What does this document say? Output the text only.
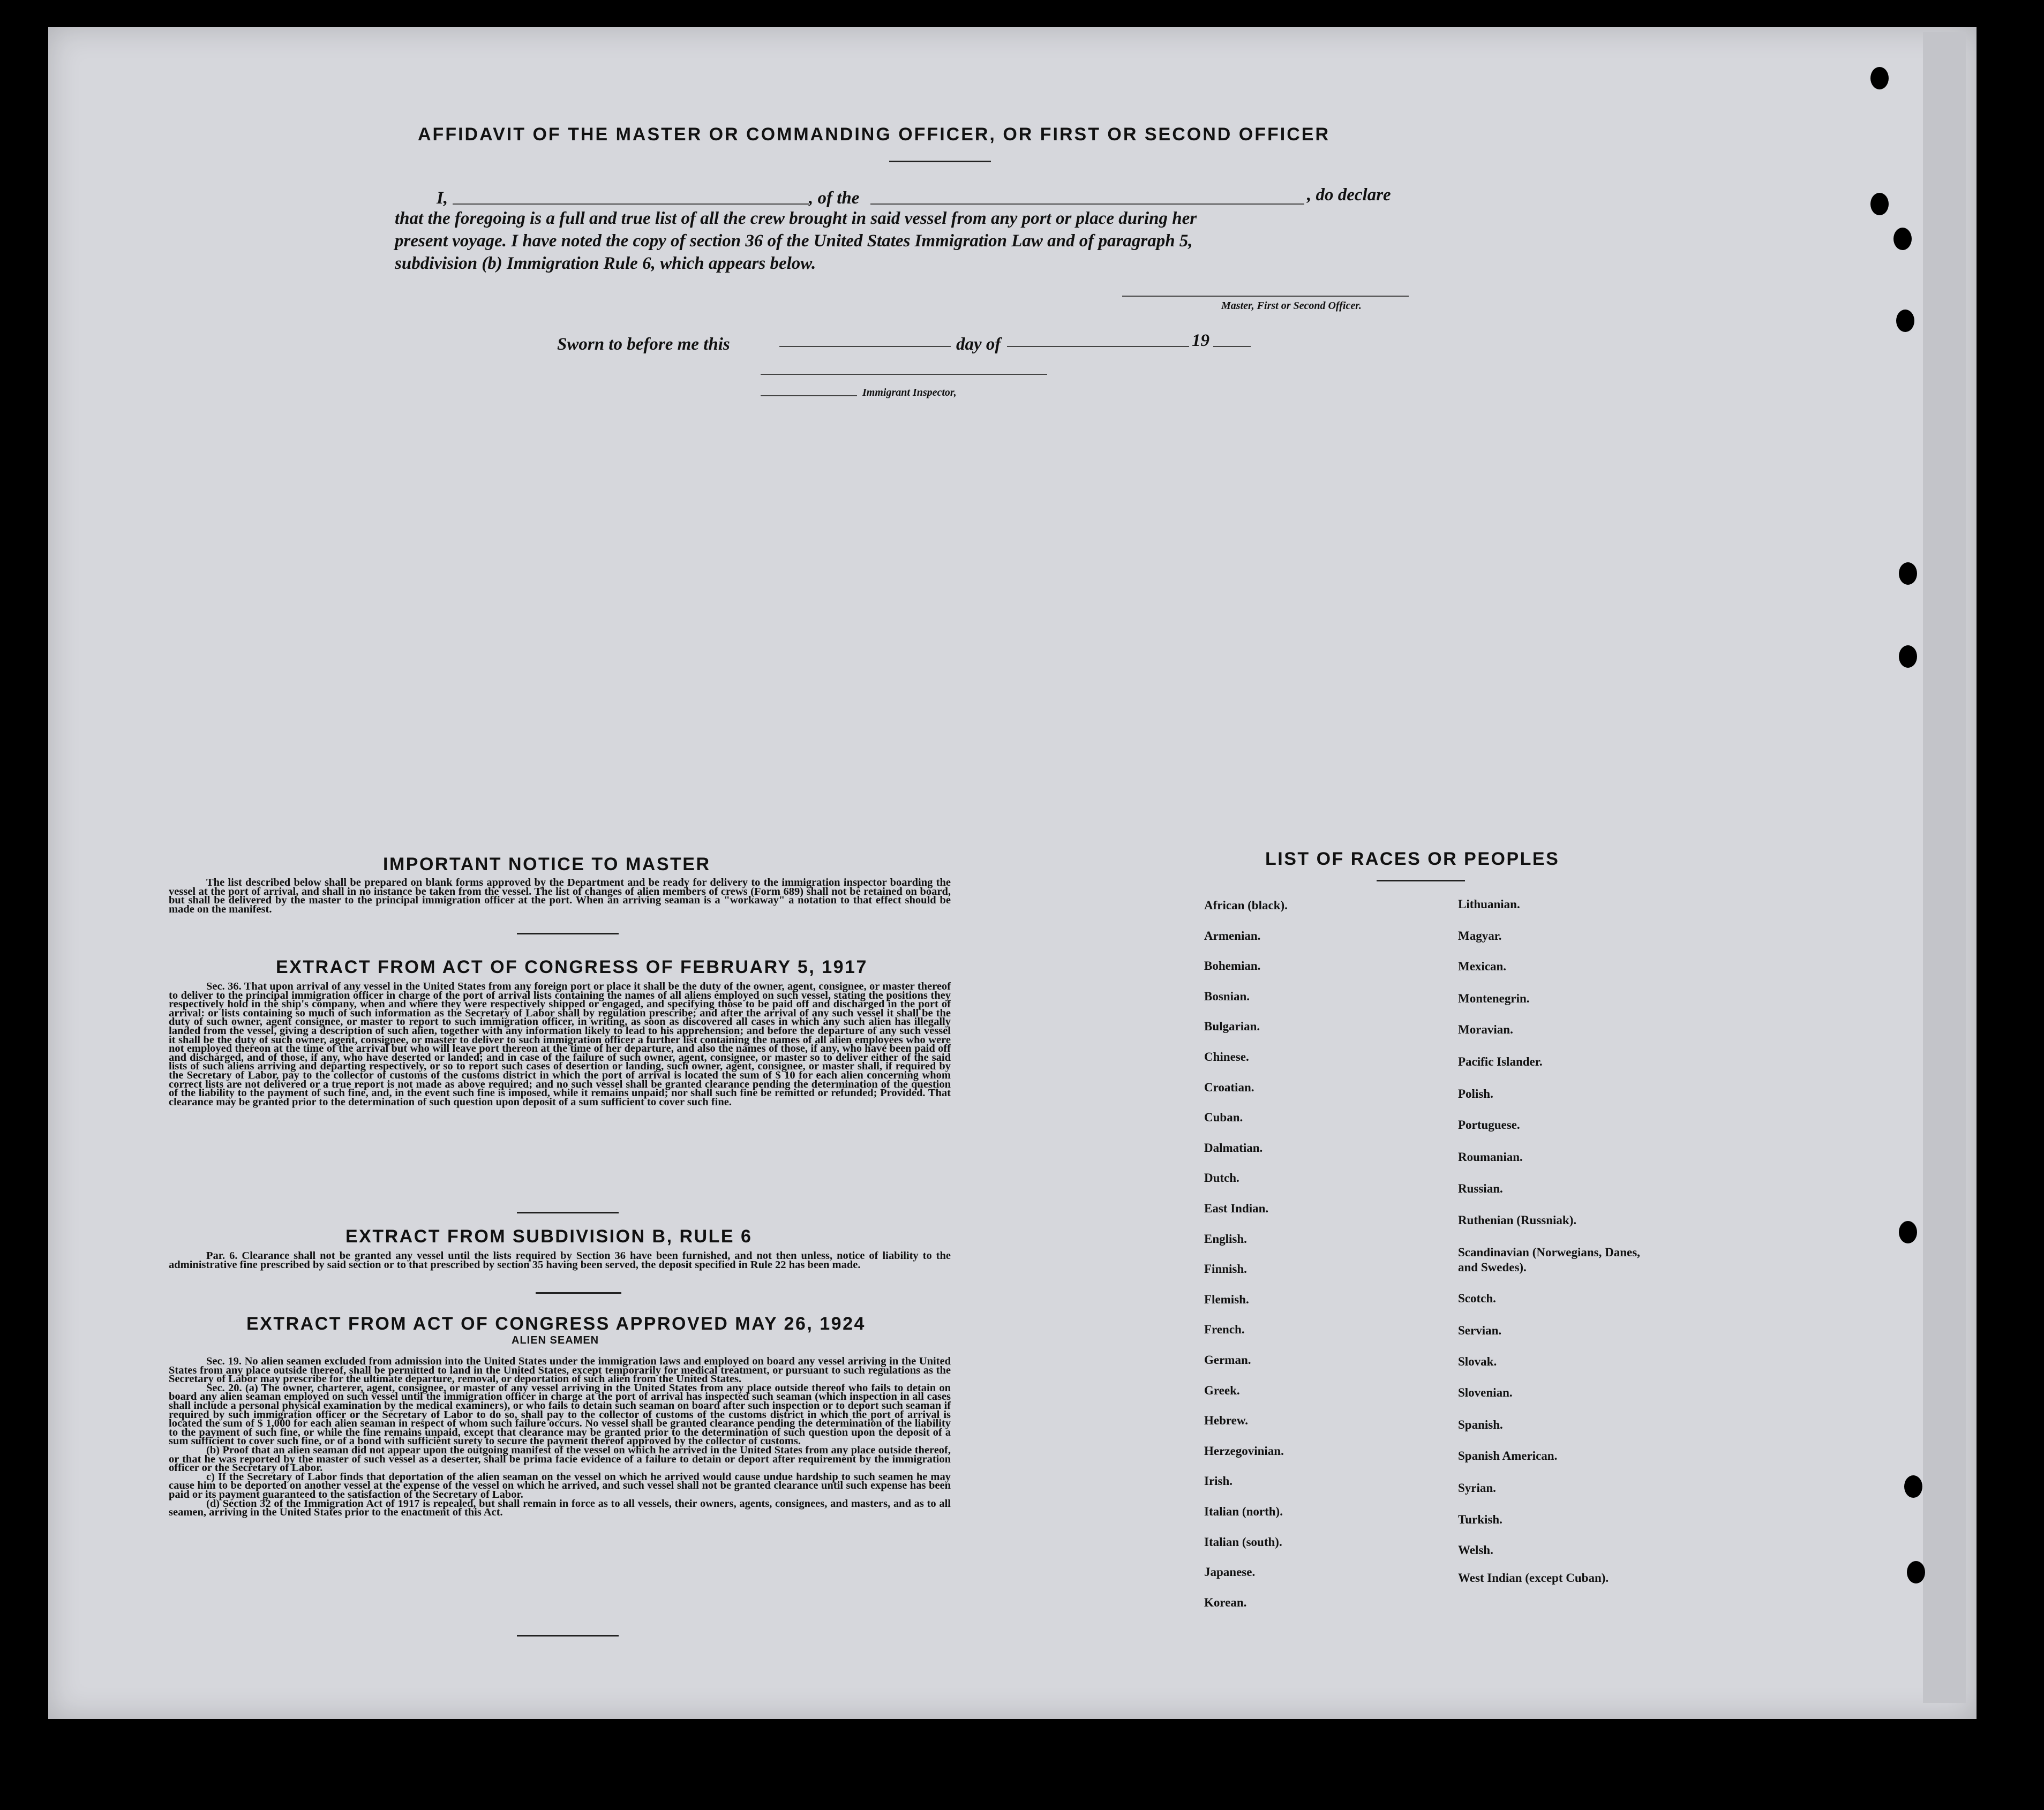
AFFIDAVIT OF THE MASTER OR COMMANDING OFFICER, OR FIRST OR SECOND OFFICER
I,	, of the	, do declare
that the foregoing is a full and true list of all the crew brought in said vessel from any port or place during her
present voyage. I have noted the copy of section 36 of the United States Immigration Law and of paragraph 5,
subdivision (b) Immigration Rule 6, which appears below.
Master, First or Second Officer.
Sworn to before me this	day of	19
Immigrant Inspector,
IMPORTANT NOTICE TO MASTER

The list described below shall be prepared on blank forms approved by the Department and be ready for delivery to the immigration inspector boarding the vessel at the port of arrival, and shall in no instance be taken from the vessel. The list of changes of alien members of crews (Form 689) shall not be retained on board, but shall be delivered by the master to the principal immigration officer at the port. When an arriving seaman is a "workaway" a notation to that effect should be made on the manifest.

EXTRACT FROM ACT OF CONGRESS OF FEBRUARY 5, 1917

Sec. 36. That upon arrival of any vessel in the United States from any foreign port or place it shall be the duty of the owner, agent, consignee, or master thereof to deliver to the principal immigration officer in charge of the port of arrival lists containing the names of all aliens employed on such vessel, stating the positions they respectively hold in the ship's company, when and where they were respectively shipped or engaged, and specifying those to be paid off and discharged in the port of arrival: or lists containing so much of such information as the Secretary of Labor shall by regulation prescribe; and after the arrival of any such vessel it shall be the duty of such owner, agent consignee, or master to report to such immigration officer, in writing, as soon as discovered all cases in which any such alien has illegally landed from the vessel, giving a description of such alien, together with any information likely to lead to his apprehension; and before the departure of any such vessel it shall be the duty of such owner, agent, consignee, or master to deliver to such immigration officer a further list containing the names of all alien employees who were not employed thereon at the time of the arrival but who will leave port thereon at the time of her departure, and also the names of those, if any, who have been paid off and discharged, and of those, if any, who have deserted or landed; and in case of the failure of such owner, agent, consignee, or master so to deliver either of the said lists of such aliens arriving and departing respectively, or so to report such cases of desertion or landing, such owner, agent, consignee, or master shall, if required by the Secretary of Labor, pay to the collector of customs of the customs district in which the port of arrival is located the sum of $ 10 for each alien concerning whom correct lists are not delivered or a true report is not made as above required; and no such vessel shall be granted clearance pending the determination of the question of the liability to the payment of such fine, and, in the event such fine is imposed, while it remains unpaid; nor shall such fine be remitted or refunded; Provided. That clearance may be granted prior to the determination of such question upon deposit of a sum sufficient to cover such fine.

EXTRACT FROM SUBDIVISION B, RULE 6

Par. 6. Clearance shall not be granted any vessel until the lists required by Section 36 have been furnished, and not then unless, notice of liability to the administrative fine prescribed by said section or to that prescribed by section 35 having been served, the deposit specified in Rule 22 has been made.

EXTRACT FROM ACT OF CONGRESS APPROVED MAY 26, 1924
ALIEN SEAMEN

Sec. 19. No alien seamen excluded from admission into the United States under the immigration laws and employed on board any vessel arriving in the United States from any place outside thereof, shall be permitted to land in the United States, except temporarily for medical treatment, or pursuant to such regulations as the Secretary of Labor may prescribe for the ultimate departure, removal, or deportation of such alien from the United States.

Sec. 20. (a) The owner, charterer, agent, consignee, or master of any vessel arriving in the United States from any place outside thereof who fails to detain on board any alien seaman employed on such vessel until the immigration officer in charge at the port of arrival has inspected such seaman (which inspection in all cases shall include a personal physical examination by the medical examiners), or who fails to detain such seaman on board after such inspection or to deport such seaman if required by such immigration officer or the Secretary of Labor to do so, shall pay to the collector of customs of the customs district in which the port of arrival is located the sum of $ 1,000 for each alien seaman in respect of whom such failure occurs. No vessel shall be granted clearance pending the determination of the liability to the payment of such fine, or while the fine remains unpaid, except that clearance may be granted prior to the determination of such question upon the deposit of a sum sufficient to cover such fine, or of a bond with sufficient surety to secure the payment thereof approved by the collector of customs.

(b) Proof that an alien seaman did not appear upon the outgoing manifest of the vessel on which he arrived in the United States from any place outside thereof, or that he was reported by the master of such vessel as a deserter, shall be prima facie evidence of a failure to detain or deport after requirement by the immigration officer or the Secretary of Labor.

c) If the Secretary of Labor finds that deportation of the alien seaman on the vessel on which he arrived would cause undue hardship to such seamen he may cause him to be deported on another vessel at the expense of the vessel on which he arrived, and such vessel shall not be granted clearance until such expense has been paid or its payment guaranteed to the satisfaction of the Secretary of Labor.

(d) Section 32 of the Immigration Act of 1917 is repealed, but shall remain in force as to all vessels, their owners, agents, consignees, and masters, and as to all seamen, arriving in the United States prior to the enactment of this Act.

LIST OF RACES OR PEOPLES
African (black).
Armenian.
Bohemian.
Bosnian.
Bulgarian.
Chinese.
Croatian.
Cuban.
Dalmatian.
Dutch.
East Indian.
English.
Finnish.
Flemish.
French.
German.
Greek.
Hebrew.
Herzegovinian.
Irish.
Italian (north).
Italian (south).
Japanese.
Korean.
Lithuanian.
Magyar.
Mexican.
Montenegrin.
Moravian.
Pacific Islander.
Polish.
Portuguese.
Roumanian.
Russian.
Ruthenian (Russniak).
Scandinavian (Norwegians, Danes, and Swedes).
Scotch.
Servian.
Slovak.
Slovenian.
Spanish.
Spanish American.
Syrian.
Turkish.
Welsh.
West Indian (except Cuban).
